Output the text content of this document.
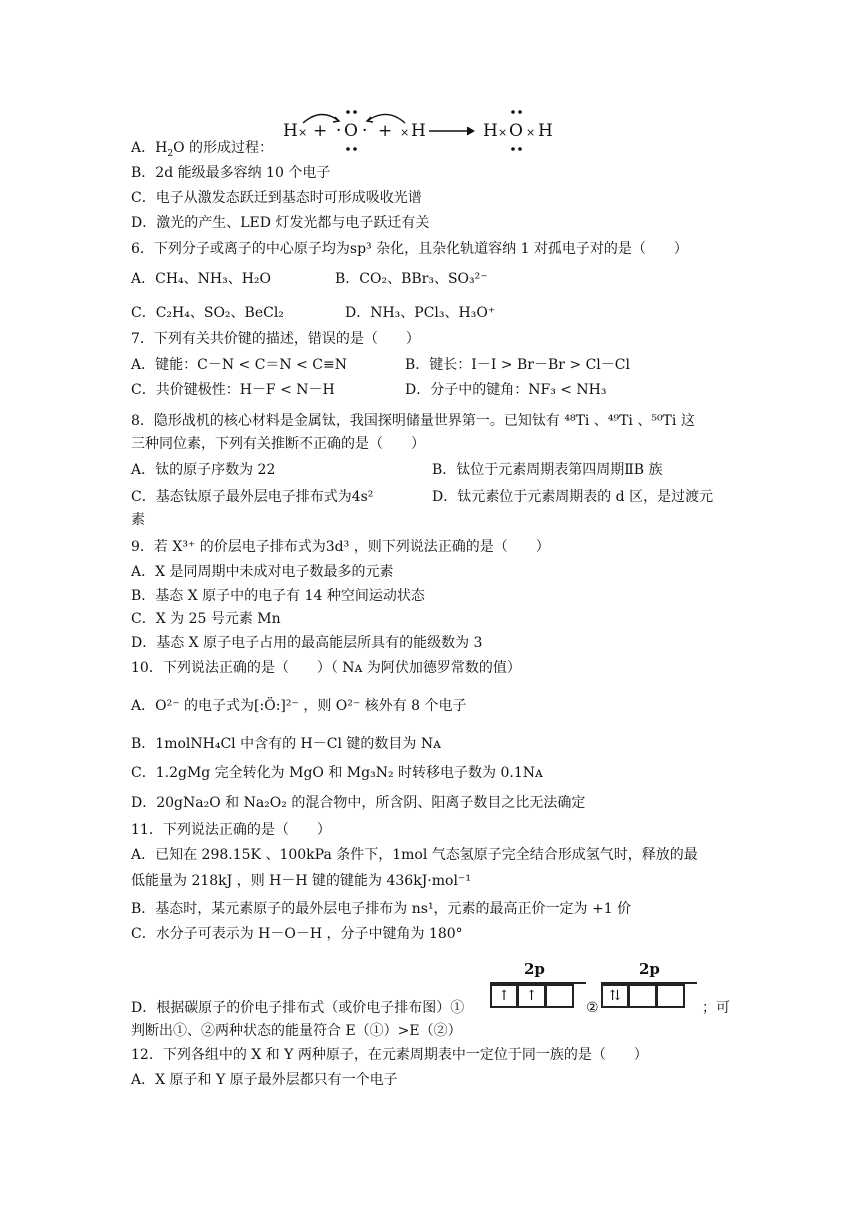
H × + · O · + × H	H × O × H
A．$H_2O$ 的形成过程：
B．2d 能级最多容纳 10 个电子
C．电子从激发态跃迁到基态时可形成吸收光谱
D．激光的产生、LED 灯发光都与电子跃迁有关
6．下列分子或离子的中心原子均为sp³ 杂化，且杂化轨道容纳 1 对孤电子对的是（　　）
A．CH₄、NH₃、H₂O	B．CO₂、BBr₃、SO₃²⁻
C．C₂H₄、SO₂、BeCl₂	D．NH₃、PCl₃、H₃O⁺
7．下列有关共价键的描述，错误的是（　　）
A．键能：C－N < C＝N < C≡N	B．键长：I－I > Br－Br > Cl－Cl
C．共价键极性：H－F < N－H	D．分子中的键角：NF₃ < NH₃
8．隐形战机的核心材料是金属钛，我国探明储量世界第一。已知钛有 ⁴⁸Ti 、⁴⁹Ti 、⁵⁰Ti 这
三种同位素，下列有关推断不正确的是（　　）
A．钛的原子序数为 22	B．钛位于元素周期表第四周期ⅡB 族
C．基态钛原子最外层电子排布式为4s²	D．钛元素位于元素周期表的 d 区，是过渡元
素
9．若 X³⁺ 的价层电子排布式为3d³ ，则下列说法正确的是（　　）
A．X 是同周期中未成对电子数最多的元素
B．基态 X 原子中的电子有 14 种空间运动状态
C．X 为 25 号元素 Mn
D．基态 X 原子电子占用的最高能层所具有的能级数为 3
10．下列说法正确的是（　　）（ Nᴀ 为阿伏加德罗常数的值）
A．O²⁻ 的电子式为[:Ö:]²⁻ ，则 O²⁻ 核外有 8 个电子
B．1molNH₄Cl 中含有的 H－Cl 键的数目为 Nᴀ
C．1.2gMg 完全转化为 MgO 和 Mg₃N₂ 时转移电子数为 0.1Nᴀ
D．20gNa₂O 和 Na₂O₂ 的混合物中，所含阴、阳离子数目之比无法确定
11．下列说法正确的是（　　）
A．已知在 298.15K 、100kPa 条件下，1mol 气态氢原子完全结合形成氢气时，释放的最
低能量为 218kJ ，则 H－H 键的键能为 436kJ·mol⁻¹
B．基态时，某元素原子的最外层电子排布为 ns¹，元素的最高正价一定为 +1 价
C．水分子可表示为 H－O－H ，分子中键角为 180°
D．根据碳原子的价电子排布式（或价电子排布图）①
2p
↑	↑
②
2p
⇅
；可
判断出①、②两种状态的能量符合 E（①）>E（②）
12．下列各组中的 X 和 Y 两种原子，在元素周期表中一定位于同一族的是（　　）
A．X 原子和 Y 原子最外层都只有一个电子
